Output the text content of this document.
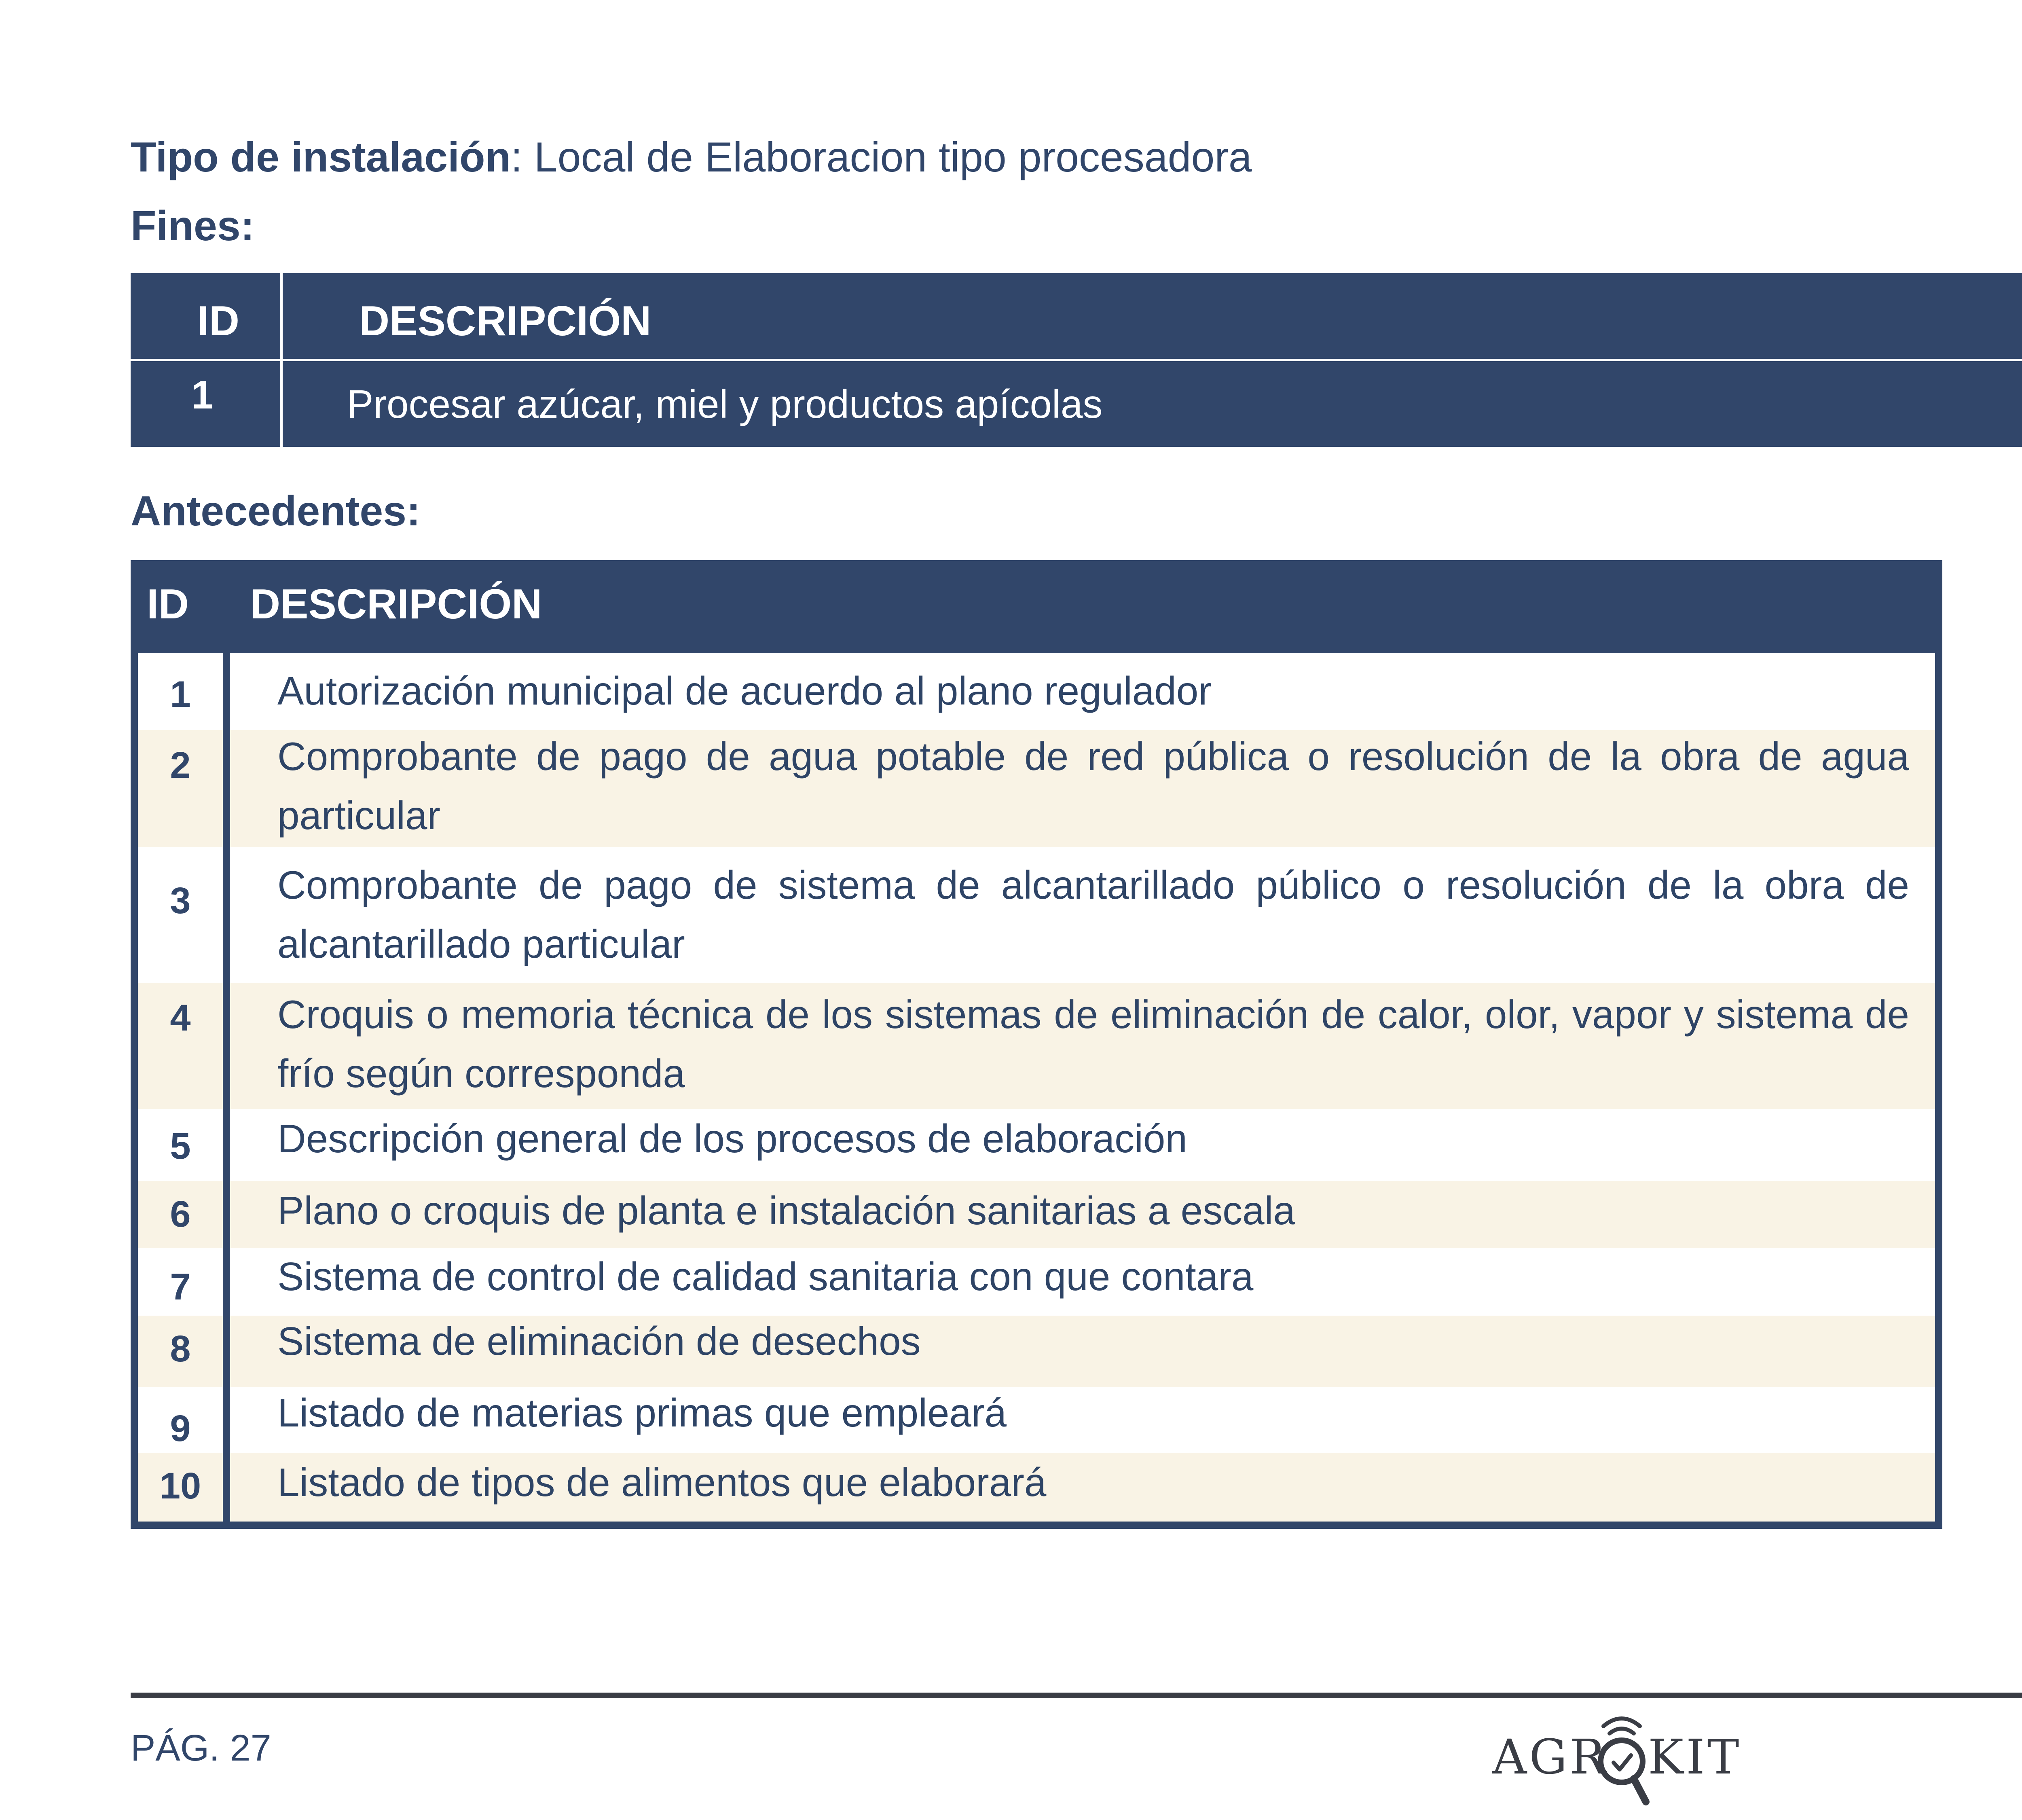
Tipo de instalación: Local de Elaboracion tipo procesadora
Fines:
ID	DESCRIPCIÓN
1	Procesar azúcar, miel y productos apícolas
Antecedentes:
ID DESCRIPCIÓN
1	Autorización municipal de acuerdo al plano regulador
2	Comprobante de pago de agua potable de red pública o resolución de la obra de agua particular
3	Comprobante de pago de sistema de alcantarillado público o resolución de la obra de alcantarillado particular
4	Croquis o memoria técnica de los sistemas de eliminación de calor, olor, vapor y sistema de frío según corresponda
5	Descripción general de los procesos de elaboración
6	Plano o croquis de planta e instalación sanitarias a escala
7	Sistema de control de calidad sanitaria con que contara
8	Sistema de eliminación de desechos
9	Listado de materias primas que empleará
10	Listado de tipos de alimentos que elaborará
PÁG. 27	AGR KIT
